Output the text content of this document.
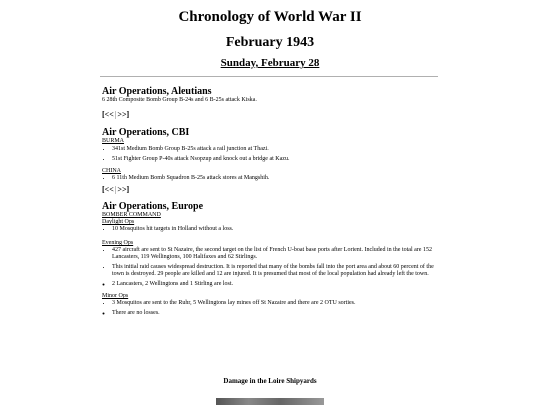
Chronology of World War II
February 1943
Sunday, February 28

Air Operations, Aleutians

6 28th Composite Bomb Group B-24s and 6 B-25s attack Kiska.

[<<|>>]

Air Operations, CBI

BURMA

• 341st Medium Bomb Group B-25s attack a rail junction at Thazi.
• 51st Fighter Group P-40s attack Nsopzup and knock out a bridge at Kazu.

CHINA

• 6 11th Medium Bomb Squadron B-25s attack stores at Mangshih.
[<<|>>]

Air Operations, Europe

BOMBER COMMAND

Daylight Ops

• 10 Mosquitos hit targets in Holland without a loss.

Evening Ops

• 427 aircraft are sent to St Nazaire, the second target on the list of French U-boat base ports after Lorient. Included in the total are 152 Lancasters, 119 Wellingtons, 100 Halifaxes and 62 Stirlings.
• This initial raid causes widespread destruction. It is reported that many of the bombs fall into the port area and about 60 percent of the town is destroyed. 29 people are killed and 12 are injured. It is presumed that most of the local population had already left the town.
◦ 2 Lancasters, 2 Wellingtons and 1 Stirling are lost.

Minor Ops

• 3 Mosquitos are sent to the Ruhr, 5 Wellingtons lay mines off St Nazaire and there are 2 OTU sorties.
◦ There are no losses.

Damage in the Loire Shipyards
